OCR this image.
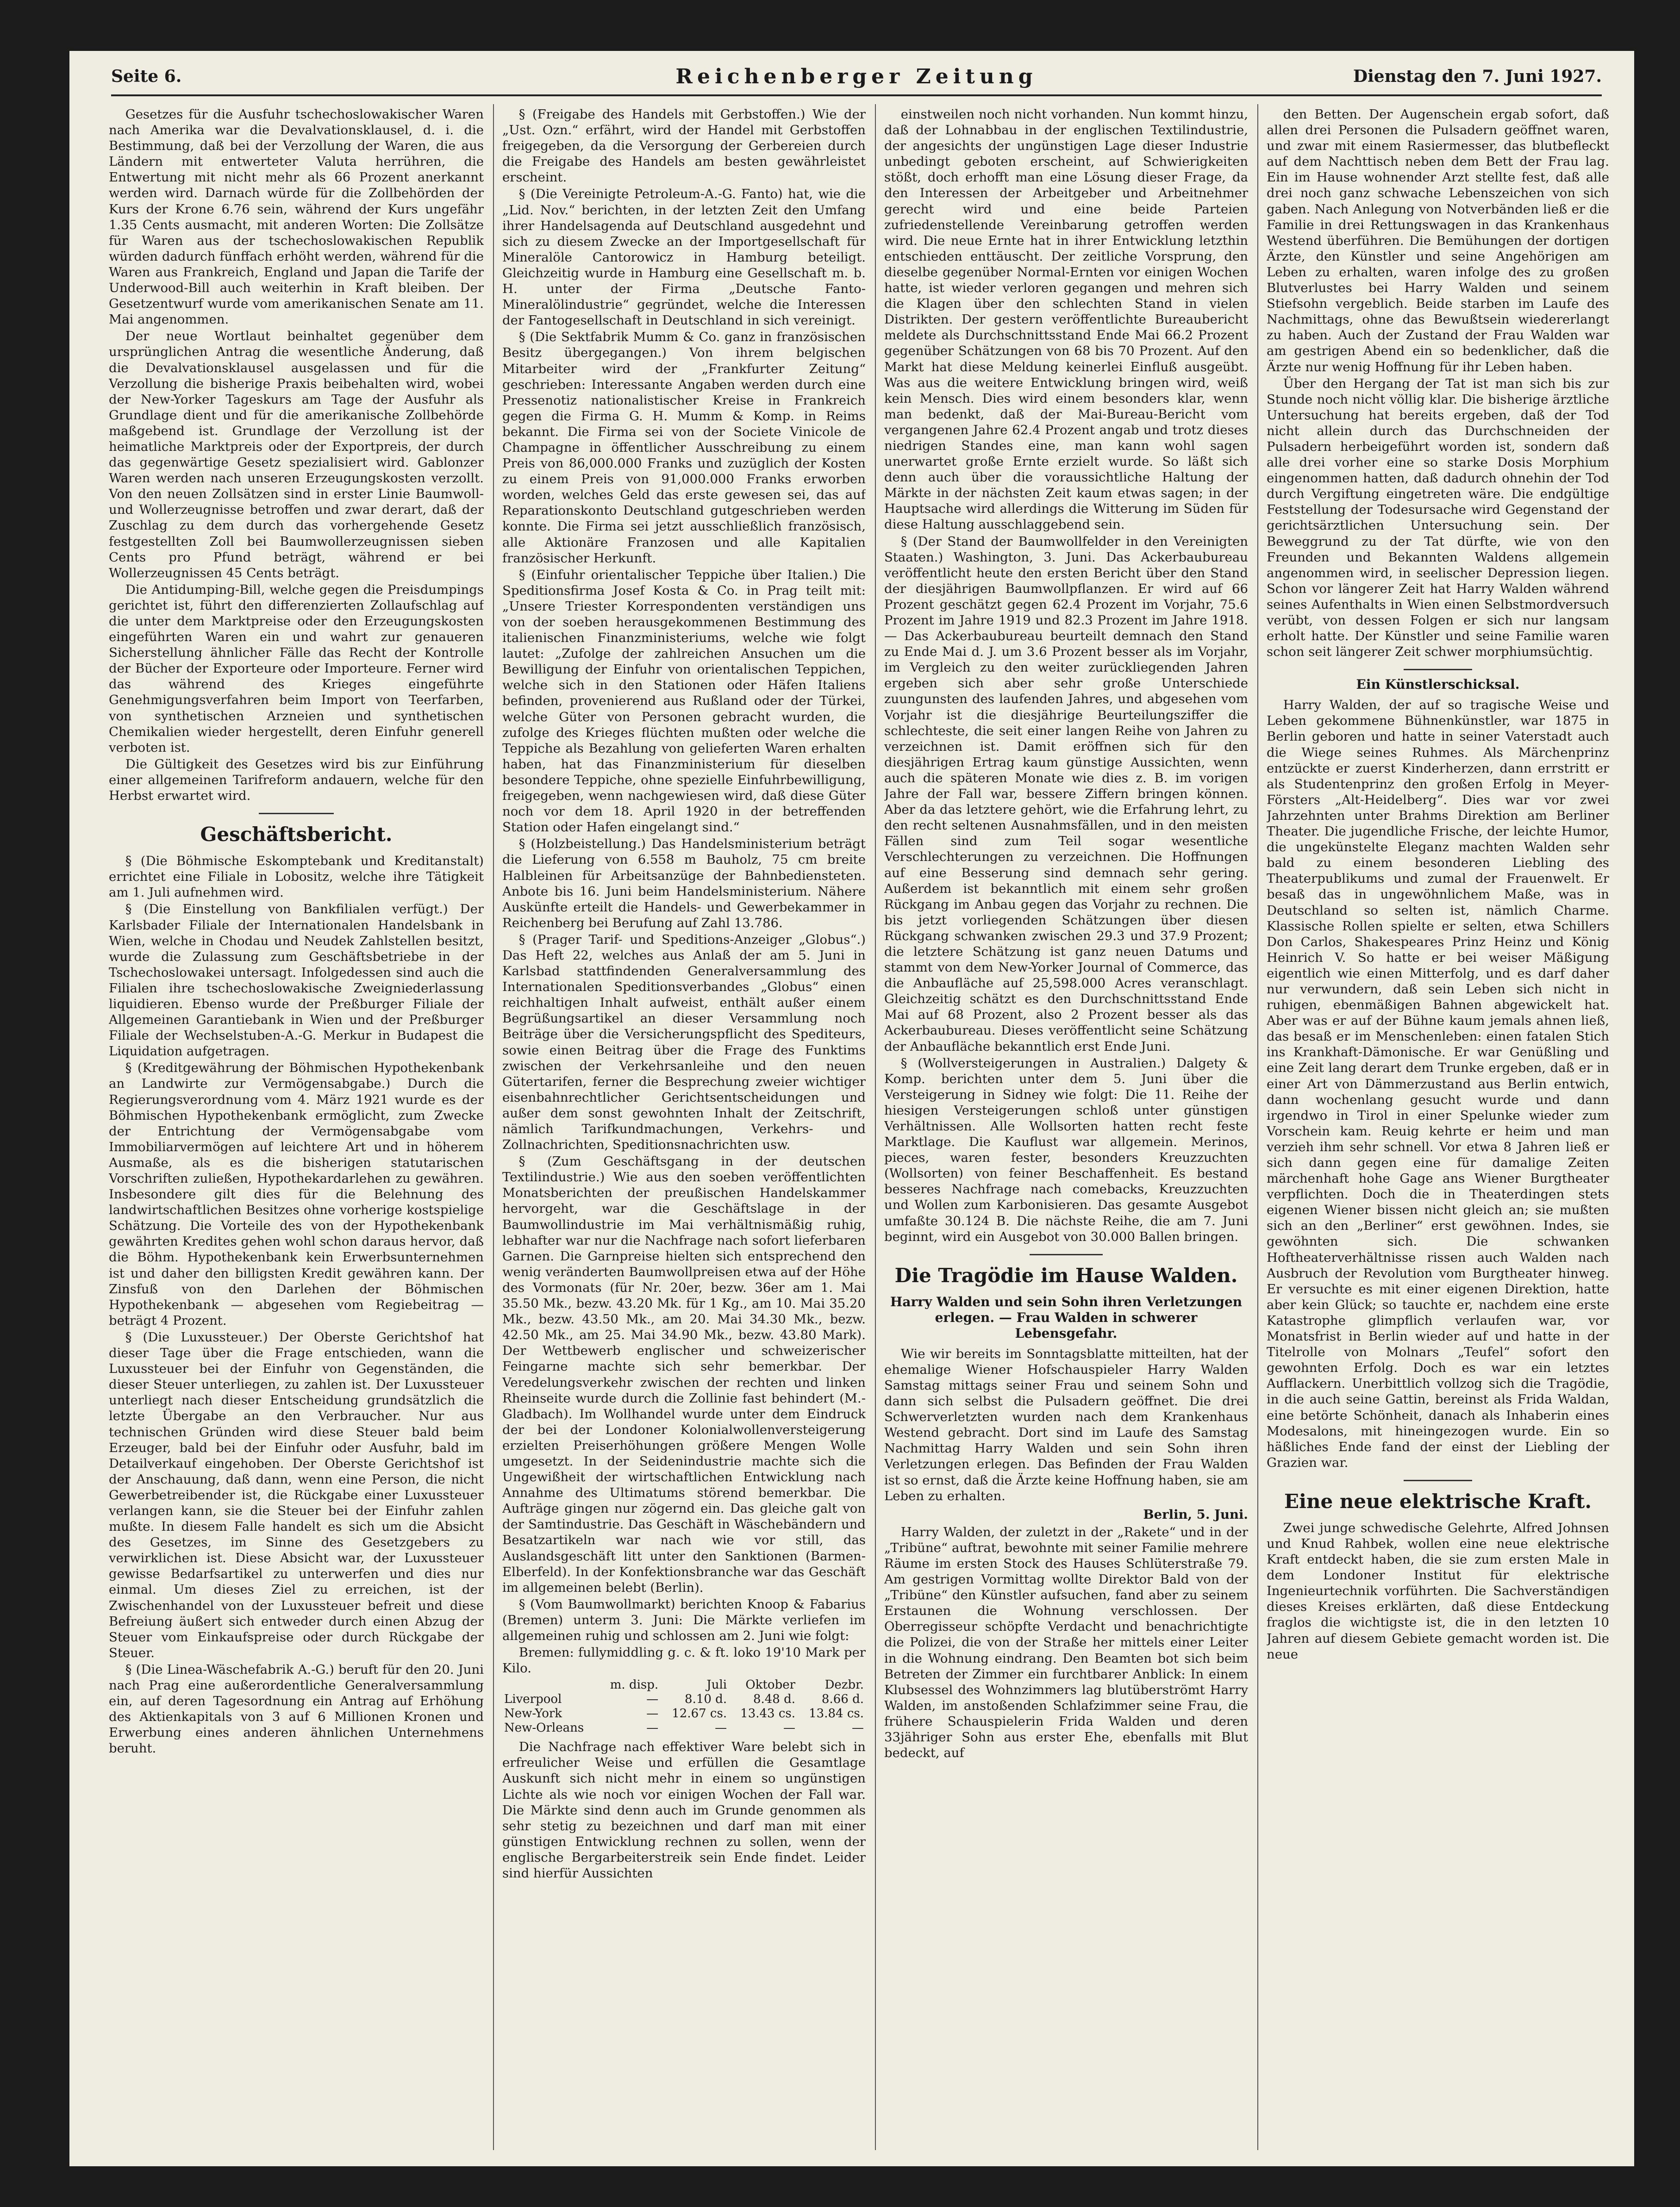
Seite 6.	Reichenberger Zeitung	Dienstag den 7. Juni 1927.

Gesetzes für die Ausfuhr tschechoslowakischer Waren nach Amerika war die Devalvationsklausel, d. i. die Bestimmung, daß bei der Verzollung der Waren, die aus Ländern mit entwerteter Valuta herrühren, die Entwertung mit nicht mehr als 66 Prozent anerkannt werden wird. Darnach würde für die Zollbehörden der Kurs der Krone 6.76 sein, während der Kurs ungefähr 1.35 Cents ausmacht, mit anderen Worten: Die Zollsätze für Waren aus der tschechoslowakischen Republik würden dadurch fünffach erhöht werden, während für die Waren aus Frankreich, England und Japan die Tarife der Underwood-Bill auch weiterhin in Kraft bleiben. Der Gesetzentwurf wurde vom amerikanischen Senate am 11. Mai angenommen.

Der neue Wortlaut beinhaltet gegenüber dem ursprünglichen Antrag die wesentliche Änderung, daß die Devalvationsklausel ausgelassen und für die Verzollung die bisherige Praxis beibehalten wird, wobei der New-Yorker Tageskurs am Tage der Ausfuhr als Grundlage dient und für die amerikanische Zollbehörde maßgebend ist. Grundlage der Verzollung ist der heimatliche Marktpreis oder der Exportpreis, der durch das gegenwärtige Gesetz spezialisiert wird. Gablonzer Waren werden nach unseren Erzeugungskosten verzollt. Von den neuen Zollsätzen sind in erster Linie Baumwoll- und Wollerzeugnisse betroffen und zwar derart, daß der Zuschlag zu dem durch das vorhergehende Gesetz festgestellten Zoll bei Baumwollerzeugnissen sieben Cents pro Pfund beträgt, während er bei Wollerzeugnissen 45 Cents beträgt.

Die Antidumping-Bill, welche gegen die Preisdumpings gerichtet ist, führt den differenzierten Zollaufschlag auf die unter dem Marktpreise oder den Erzeugungskosten eingeführten Waren ein und wahrt zur genaueren Sicherstellung ähnlicher Fälle das Recht der Kontrolle der Bücher der Exporteure oder Importeure. Ferner wird das während des Krieges eingeführte Genehmigungsverfahren beim Import von Teerfarben, von synthetischen Arzneien und synthetischen Chemikalien wieder hergestellt, deren Einfuhr generell verboten ist.

Die Gültigkeit des Gesetzes wird bis zur Einführung einer allgemeinen Tarifreform andauern, welche für den Herbst erwartet wird.

Geschäftsbericht.

§ (Die Böhmische Eskomptebank und Kreditanstalt) errichtet eine Filiale in Lobositz, welche ihre Tätigkeit am 1. Juli aufnehmen wird.

§ (Die Einstellung von Bankfilialen verfügt.) Der Karlsbader Filiale der Internationalen Handelsbank in Wien, welche in Chodau und Neudek Zahlstellen besitzt, wurde die Zulassung zum Geschäftsbetriebe in der Tschechoslowakei untersagt. Infolgedessen sind auch die Filialen ihre tschechoslowakische Zweigniederlassung liquidieren. Ebenso wurde der Preßburger Filiale der Allgemeinen Garantiebank in Wien und der Preßburger Filiale der Wechselstuben-A.-G. Merkur in Budapest die Liquidation aufgetragen.

§ (Kreditgewährung der Böhmischen Hypothekenbank an Landwirte zur Vermögensabgabe.) Durch die Regierungsverordnung vom 4. März 1921 wurde es der Böhmischen Hypothekenbank ermöglicht, zum Zwecke der Entrichtung der Vermögensabgabe vom Immobiliarvermögen auf leichtere Art und in höherem Ausmaße, als es die bisherigen statutarischen Vorschriften zuließen, Hypothekardarlehen zu gewähren. Insbesondere gilt dies für die Belehnung des landwirtschaftlichen Besitzes ohne vorherige kostspielige Schätzung. Die Vorteile des von der Hypothekenbank gewährten Kredites gehen wohl schon daraus hervor, daß die Böhm. Hypothekenbank kein Erwerbsunternehmen ist und daher den billigsten Kredit gewähren kann. Der Zinsfuß von den Darlehen der Böhmischen Hypothekenbank — abgesehen vom Regiebeitrag — beträgt 4 Prozent.

§ (Die Luxussteuer.) Der Oberste Gerichtshof hat dieser Tage über die Frage entschieden, wann die Luxussteuer bei der Einfuhr von Gegenständen, die dieser Steuer unterliegen, zu zahlen ist. Der Luxussteuer unterliegt nach dieser Entscheidung grundsätzlich die letzte Übergabe an den Verbraucher. Nur aus technischen Gründen wird diese Steuer bald beim Erzeuger, bald bei der Einfuhr oder Ausfuhr, bald im Detailverkauf eingehoben. Der Oberste Gerichtshof ist der Anschauung, daß dann, wenn eine Person, die nicht Gewerbetreibender ist, die Rückgabe einer Luxussteuer verlangen kann, sie die Steuer bei der Einfuhr zahlen mußte. In diesem Falle handelt es sich um die Absicht des Gesetzes, im Sinne des Gesetzgebers zu verwirklichen ist. Diese Absicht war, der Luxussteuer gewisse Bedarfsartikel zu unterwerfen und dies nur einmal. Um dieses Ziel zu erreichen, ist der Zwischenhandel von der Luxussteuer befreit und diese Befreiung äußert sich entweder durch einen Abzug der Steuer vom Einkaufspreise oder durch Rückgabe der Steuer.

§ (Die Linea-Wäschefabrik A.-G.) beruft für den 20. Juni nach Prag eine außerordentliche Generalversammlung ein, auf deren Tagesordnung ein Antrag auf Erhöhung des Aktienkapitals von 3 auf 6 Millionen Kronen und Erwerbung eines anderen ähnlichen Unternehmens beruht.

§ (Freigabe des Handels mit Gerbstoffen.) Wie der „Ust. Ozn.“ erfährt, wird der Handel mit Gerbstoffen freigegeben, da die Versorgung der Gerbereien durch die Freigabe des Handels am besten gewährleistet erscheint.

§ (Die Vereinigte Petroleum-A.-G. Fanto) hat, wie die „Lid. Nov.“ berichten, in der letzten Zeit den Umfang ihrer Handelsagenda auf Deutschland ausgedehnt und sich zu diesem Zwecke an der Importgesellschaft für Mineralöle Cantorowicz in Hamburg beteiligt. Gleichzeitig wurde in Hamburg eine Gesellschaft m. b. H. unter der Firma „Deutsche Fanto-Mineralölindustrie“ gegründet, welche die Interessen der Fantogesellschaft in Deutschland in sich vereinigt.

§ (Die Sektfabrik Mumm & Co. ganz in französischen Besitz übergegangen.) Von ihrem belgischen Mitarbeiter wird der „Frankfurter Zeitung“ geschrieben: Interessante Angaben werden durch eine Pressenotiz nationalistischer Kreise in Frankreich gegen die Firma G. H. Mumm & Komp. in Reims bekannt. Die Firma sei von der Societe Vinicole de Champagne in öffentlicher Ausschreibung zu einem Preis von 86,000.000 Franks und zuzüglich der Kosten zu einem Preis von 91,000.000 Franks erworben worden, welches Geld das erste gewesen sei, das auf Reparationskonto Deutschland gutgeschrieben werden konnte. Die Firma sei jetzt ausschließlich französisch, alle Aktionäre Franzosen und alle Kapitalien französischer Herkunft.

§ (Einfuhr orientalischer Teppiche über Italien.) Die Speditionsfirma Josef Kosta & Co. in Prag teilt mit: „Unsere Triester Korrespondenten verständigen uns von der soeben herausgekommenen Bestimmung des italienischen Finanzministeriums, welche wie folgt lautet: „Zufolge der zahlreichen Ansuchen um die Bewilligung der Einfuhr von orientalischen Teppichen, welche sich in den Stationen oder Häfen Italiens befinden, provenierend aus Rußland oder der Türkei, welche Güter von Personen gebracht wurden, die zufolge des Krieges flüchten mußten oder welche die Teppiche als Bezahlung von gelieferten Waren erhalten haben, hat das Finanzministerium für dieselben besondere Teppiche, ohne spezielle Einfuhrbewilligung, freigegeben, wenn nachgewiesen wird, daß diese Güter noch vor dem 18. April 1920 in der betreffenden Station oder Hafen eingelangt sind.“

§ (Holzbeistellung.) Das Handelsministerium beträgt die Lieferung von 6.558 m Bauholz, 75 cm breite Halbleinen für Arbeitsanzüge der Bahnbediensteten. Anbote bis 16. Juni beim Handelsministerium. Nähere Auskünfte erteilt die Handels- und Gewerbekammer in Reichenberg bei Berufung auf Zahl 13.786.

§ (Prager Tarif- und Speditions-Anzeiger „Globus“.) Das Heft 22, welches aus Anlaß der am 5. Juni in Karlsbad stattfindenden Generalversammlung des Internationalen Speditionsverbandes „Globus“ einen reichhaltigen Inhalt aufweist, enthält außer einem Begrüßungsartikel an dieser Versammlung noch Beiträge über die Versicherungspflicht des Spediteurs, sowie einen Beitrag über die Frage des Funktims zwischen der Verkehrsanleihe und den neuen Gütertarifen, ferner die Besprechung zweier wichtiger eisenbahnrechtlicher Gerichtsentscheidungen und außer dem sonst gewohnten Inhalt der Zeitschrift, nämlich Tarifkundmachungen, Verkehrs- und Zollnachrichten, Speditionsnachrichten usw.

§ (Zum Geschäftsgang in der deutschen Textilindustrie.) Wie aus den soeben veröffentlichten Monatsberichten der preußischen Handelskammer hervorgeht, war die Geschäftslage in der Baumwollindustrie im Mai verhältnismäßig ruhig, lebhafter war nur die Nachfrage nach sofort lieferbaren Garnen. Die Garnpreise hielten sich entsprechend den wenig veränderten Baumwollpreisen etwa auf der Höhe des Vormonats (für Nr. 20er, bezw. 36er am 1. Mai 35.50 Mk., bezw. 43.20 Mk. für 1 Kg., am 10. Mai 35.20 Mk., bezw. 43.50 Mk., am 20. Mai 34.30 Mk., bezw. 42.50 Mk., am 25. Mai 34.90 Mk., bezw. 43.80 Mark). Der Wettbewerb englischer und schweizerischer Feingarne machte sich sehr bemerkbar. Der Veredelungsverkehr zwischen der rechten und linken Rheinseite wurde durch die Zollinie fast behindert (M.-Gladbach). Im Wollhandel wurde unter dem Eindruck der bei der Londoner Kolonialwollenversteigerung erzielten Preiserhöhungen größere Mengen Wolle umgesetzt. In der Seidenindustrie machte sich die Ungewißheit der wirtschaftlichen Entwicklung nach Annahme des Ultimatums störend bemerkbar. Die Aufträge gingen nur zögernd ein. Das gleiche galt von der Samtindustrie. Das Geschäft in Wäschebändern und Besatzartikeln war nach wie vor still, das Auslandsgeschäft litt unter den Sanktionen (Barmen-Elberfeld). In der Konfektionsbranche war das Geschäft im allgemeinen belebt (Berlin).

§ (Vom Baumwollmarkt) berichten Knoop & Fabarius (Bremen) unterm 3. Juni: Die Märkte verliefen im allgemeinen ruhig und schlossen am 2. Juni wie folgt:

Bremen: fullymiddling g. c. & ft. loko 19'10 Mark per Kilo.

	m. disp.	Juli	Oktober	Dezbr.
Liverpool	—	8.10 d.	8.48 d.	8.66 d.
New-York	—	12.67 cs.	13.43 cs.	13.84 cs.
New-Orleans	—	—	—	—

Die Nachfrage nach effektiver Ware belebt sich in erfreulicher Weise und erfüllen die Gesamtlage Auskunft sich nicht mehr in einem so ungünstigen Lichte als wie noch vor einigen Wochen der Fall war. Die Märkte sind denn auch im Grunde genommen als sehr stetig zu bezeichnen und darf man mit einer günstigen Entwicklung rechnen zu sollen, wenn der englische Bergarbeiterstreik sein Ende findet. Leider sind hierfür Aussichten

einstweilen noch nicht vorhanden. Nun kommt hinzu, daß der Lohnabbau in der englischen Textilindustrie, der angesichts der ungünstigen Lage dieser Industrie unbedingt geboten erscheint, auf Schwierigkeiten stößt, doch erhofft man eine Lösung dieser Frage, da den Interessen der Arbeitgeber und Arbeitnehmer gerecht wird und eine beide Parteien zufriedenstellende Vereinbarung getroffen werden wird. Die neue Ernte hat in ihrer Entwicklung letzthin entschieden enttäuscht. Der zeitliche Vorsprung, den dieselbe gegenüber Normal-Ernten vor einigen Wochen hatte, ist wieder verloren gegangen und mehren sich die Klagen über den schlechten Stand in vielen Distrikten. Der gestern veröffentlichte Bureaubericht meldete als Durchschnittsstand Ende Mai 66.2 Prozent gegenüber Schätzungen von 68 bis 70 Prozent. Auf den Markt hat diese Meldung keinerlei Einfluß ausgeübt. Was aus die weitere Entwicklung bringen wird, weiß kein Mensch. Dies wird einem besonders klar, wenn man bedenkt, daß der Mai-Bureau-Bericht vom vergangenen Jahre 62.4 Prozent angab und trotz dieses niedrigen Standes eine, man kann wohl sagen unerwartet große Ernte erzielt wurde. So läßt sich denn auch über die voraussichtliche Haltung der Märkte in der nächsten Zeit kaum etwas sagen; in der Hauptsache wird allerdings die Witterung im Süden für diese Haltung ausschlaggebend sein.

§ (Der Stand der Baumwollfelder in den Vereinigten Staaten.) Washington, 3. Juni. Das Ackerbaubureau veröffentlicht heute den ersten Bericht über den Stand der diesjährigen Baumwollpflanzen. Er wird auf 66 Prozent geschätzt gegen 62.4 Prozent im Vorjahr, 75.6 Prozent im Jahre 1919 und 82.3 Prozent im Jahre 1918. — Das Ackerbaubureau beurteilt demnach den Stand zu Ende Mai d. J. um 3.6 Prozent besser als im Vorjahr, im Vergleich zu den weiter zurückliegenden Jahren ergeben sich aber sehr große Unterschiede zuungunsten des laufenden Jahres, und abgesehen vom Vorjahr ist die diesjährige Beurteilungsziffer die schlechteste, die seit einer langen Reihe von Jahren zu verzeichnen ist. Damit eröffnen sich für den diesjährigen Ertrag kaum günstige Aussichten, wenn auch die späteren Monate wie dies z. B. im vorigen Jahre der Fall war, bessere Ziffern bringen können. Aber da das letztere gehört, wie die Erfahrung lehrt, zu den recht seltenen Ausnahmsfällen, und in den meisten Fällen sind zum Teil sogar wesentliche Verschlechterungen zu verzeichnen. Die Hoffnungen auf eine Besserung sind demnach sehr gering. Außerdem ist bekanntlich mit einem sehr großen Rückgang im Anbau gegen das Vorjahr zu rechnen. Die bis jetzt vorliegenden Schätzungen über diesen Rückgang schwanken zwischen 29.3 und 37.9 Prozent; die letztere Schätzung ist ganz neuen Datums und stammt von dem New-Yorker Journal of Commerce, das die Anbaufläche auf 25,598.000 Acres veranschlagt. Gleichzeitig schätzt es den Durchschnittsstand Ende Mai auf 68 Prozent, also 2 Prozent besser als das Ackerbaubureau. Dieses veröffentlicht seine Schätzung der Anbaufläche bekanntlich erst Ende Juni.

§ (Wollversteigerungen in Australien.) Dalgety & Komp. berichten unter dem 5. Juni über die Versteigerung in Sidney wie folgt: Die 11. Reihe der hiesigen Versteigerungen schloß unter günstigen Verhältnissen. Alle Wollsorten hatten recht feste Marktlage. Die Kauflust war allgemein. Merinos, pieces, waren fester, besonders Kreuzzuchten (Wollsorten) von feiner Beschaffenheit. Es bestand besseres Nachfrage nach comebacks, Kreuzzuchten und Wollen zum Karbonisieren. Das gesamte Ausgebot umfaßte 30.124 B. Die nächste Reihe, die am 7. Juni beginnt, wird ein Ausgebot von 30.000 Ballen bringen.

Die Tragödie im Hause Walden.
Harry Walden und sein Sohn ihren Verletzungen erlegen. — Frau Walden in schwerer Lebensgefahr.

Wie wir bereits im Sonntagsblatte mitteilten, hat der ehemalige Wiener Hofschauspieler Harry Walden Samstag mittags seiner Frau und seinem Sohn und dann sich selbst die Pulsadern geöffnet. Die drei Schwerverletzten wurden nach dem Krankenhaus Westend gebracht. Dort sind im Laufe des Samstag Nachmittag Harry Walden und sein Sohn ihren Verletzungen erlegen. Das Befinden der Frau Walden ist so ernst, daß die Ärzte keine Hoffnung haben, sie am Leben zu erhalten.

Berlin, 5. Juni.

Harry Walden, der zuletzt in der „Rakete“ und in der „Tribüne“ auftrat, bewohnte mit seiner Familie mehrere Räume im ersten Stock des Hauses Schlüterstraße 79. Am gestrigen Vormittag wollte Direktor Bald von der „Tribüne“ den Künstler aufsuchen, fand aber zu seinem Erstaunen die Wohnung verschlossen. Der Oberregisseur schöpfte Verdacht und benachrichtigte die Polizei, die von der Straße her mittels einer Leiter in die Wohnung eindrang. Den Beamten bot sich beim Betreten der Zimmer ein furchtbarer Anblick: In einem Klubsessel des Wohnzimmers lag blutüberströmt Harry Walden, im anstoßenden Schlafzimmer seine Frau, die frühere Schauspielerin Frida Walden und deren 33jähriger Sohn aus erster Ehe, ebenfalls mit Blut bedeckt, auf

den Betten. Der Augenschein ergab sofort, daß allen drei Personen die Pulsadern geöffnet waren, und zwar mit einem Rasiermesser, das blutbefleckt auf dem Nachttisch neben dem Bett der Frau lag. Ein im Hause wohnender Arzt stellte fest, daß alle drei noch ganz schwache Lebenszeichen von sich gaben. Nach Anlegung von Notverbänden ließ er die Familie in drei Rettungswagen in das Krankenhaus Westend überführen. Die Bemühungen der dortigen Ärzte, den Künstler und seine Angehörigen am Leben zu erhalten, waren infolge des zu großen Blutverlustes bei Harry Walden und seinem Stiefsohn vergeblich. Beide starben im Laufe des Nachmittags, ohne das Bewußtsein wiedererlangt zu haben. Auch der Zustand der Frau Walden war am gestrigen Abend ein so bedenklicher, daß die Ärzte nur wenig Hoffnung für ihr Leben haben.

Über den Hergang der Tat ist man sich bis zur Stunde noch nicht völlig klar. Die bisherige ärztliche Untersuchung hat bereits ergeben, daß der Tod nicht allein durch das Durchschneiden der Pulsadern herbeigeführt worden ist, sondern daß alle drei vorher eine so starke Dosis Morphium eingenommen hatten, daß dadurch ohnehin der Tod durch Vergiftung eingetreten wäre. Die endgültige Feststellung der Todesursache wird Gegenstand der gerichtsärztlichen Untersuchung sein. Der Beweggrund zu der Tat dürfte, wie von den Freunden und Bekannten Waldens allgemein angenommen wird, in seelischer Depression liegen. Schon vor längerer Zeit hat Harry Walden während seines Aufenthalts in Wien einen Selbstmordversuch verübt, von dessen Folgen er sich nur langsam erholt hatte. Der Künstler und seine Familie waren schon seit längerer Zeit schwer morphiumsüchtig.

Ein Künstlerschicksal.

Harry Walden, der auf so tragische Weise und Leben gekommene Bühnenkünstler, war 1875 in Berlin geboren und hatte in seiner Vaterstadt auch die Wiege seines Ruhmes. Als Märchenprinz entzückte er zuerst Kinderherzen, dann errstritt er als Studentenprinz den großen Erfolg in Meyer-Försters „Alt-Heidelberg“. Dies war vor zwei Jahrzehnten unter Brahms Direktion am Berliner Theater. Die jugendliche Frische, der leichte Humor, die ungekünstelte Eleganz machten Walden sehr bald zu einem besonderen Liebling des Theaterpublikums und zumal der Frauenwelt. Er besaß das in ungewöhnlichem Maße, was in Deutschland so selten ist, nämlich Charme. Klassische Rollen spielte er selten, etwa Schillers Don Carlos, Shakespeares Prinz Heinz und König Heinrich V. So hatte er bei weiser Mäßigung eigentlich wie einen Mitterfolg, und es darf daher nur verwundern, daß sein Leben sich nicht in ruhigen, ebenmäßigen Bahnen abgewickelt hat. Aber was er auf der Bühne kaum jemals ahnen ließ, das besaß er im Menschenleben: einen fatalen Stich ins Krankhaft-Dämonische. Er war Genüßling und eine Zeit lang derart dem Trunke ergeben, daß er in einer Art von Dämmerzustand aus Berlin entwich, dann wochenlang gesucht wurde und dann irgendwo in Tirol in einer Spelunke wieder zum Vorschein kam. Reuig kehrte er heim und man verzieh ihm sehr schnell. Vor etwa 8 Jahren ließ er sich dann gegen eine für damalige Zeiten märchenhaft hohe Gage ans Wiener Burgtheater verpflichten. Doch die in Theaterdingen stets eigenen Wiener bissen nicht gleich an; sie mußten sich an den „Berliner“ erst gewöhnen. Indes, sie gewöhnten sich. Die schwanken Hoftheaterverhältnisse rissen auch Walden nach Ausbruch der Revolution vom Burgtheater hinweg. Er versuchte es mit einer eigenen Direktion, hatte aber kein Glück; so tauchte er, nachdem eine erste Katastrophe glimpflich verlaufen war, vor Monatsfrist in Berlin wieder auf und hatte in der Titelrolle von Molnars „Teufel“ sofort den gewohnten Erfolg. Doch es war ein letztes Aufflackern. Unerbittlich vollzog sich die Tragödie, in die auch seine Gattin, bereinst als Frida Waldan, eine betörte Schönheit, danach als Inhaberin eines Modesalons, mit hineingezogen wurde. Ein so häßliches Ende fand der einst der Liebling der Grazien war.

Eine neue elektrische Kraft.

Zwei junge schwedische Gelehrte, Alfred Johnsen und Knud Rahbek, wollen eine neue elektrische Kraft entdeckt haben, die sie zum ersten Male in dem Londoner Institut für elektrische Ingenieurtechnik vorführten. Die Sachverständigen dieses Kreises erklärten, daß diese Entdeckung fraglos die wichtigste ist, die in den letzten 10 Jahren auf diesem Gebiete gemacht worden ist. Die neue
